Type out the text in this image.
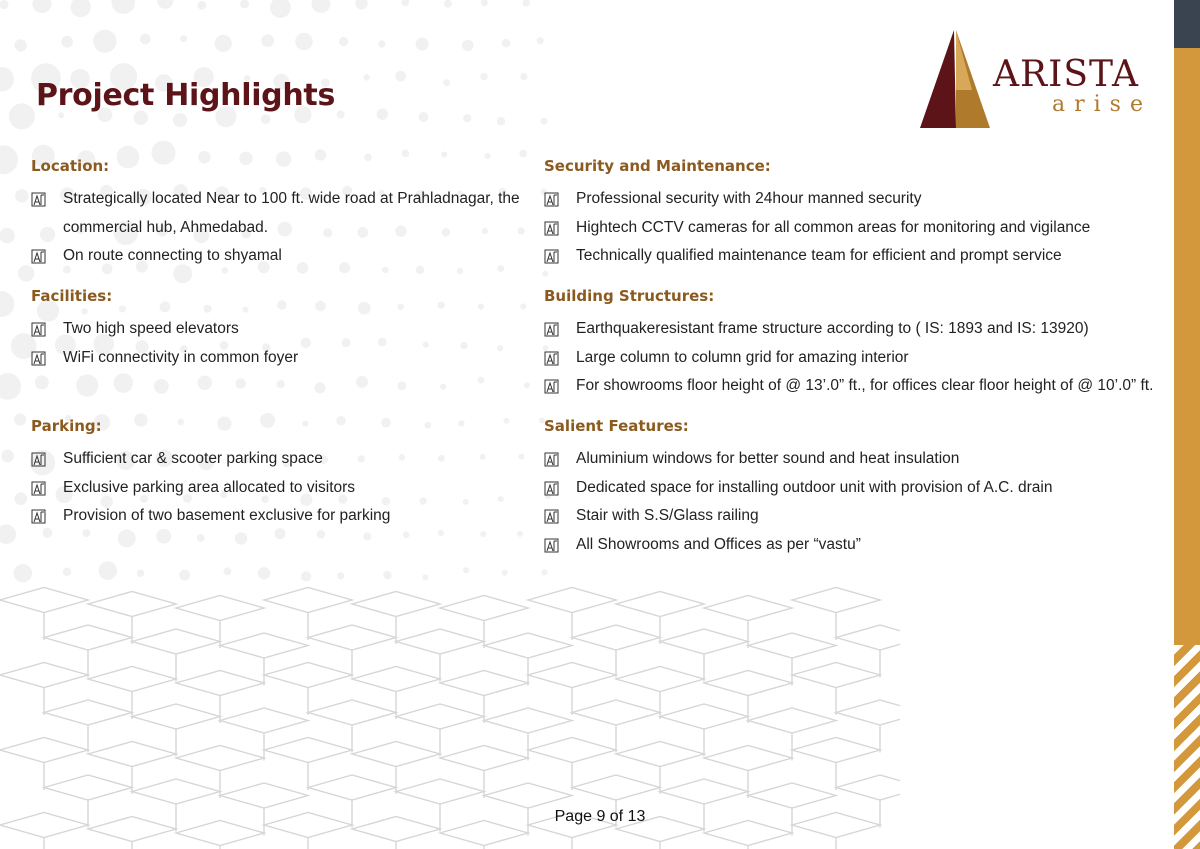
Project Highlights
ARISTA
arise
Location:
Strategically located Near to 100 ft. wide road at Prahladnagar, the commercial hub, Ahmedabad.
On route connecting to shyamal
Facilities:
Two high speed elevators
WiFi connectivity in common foyer
Parking:
Sufficient car & scooter parking space
Exclusive parking area allocated to visitors
Provision of two basement exclusive for parking
Security and Maintenance:
Professional security with 24hour manned security
Hightech CCTV cameras for all common areas for monitoring and vigilance
Technically qualified maintenance team for efficient and prompt service
Building Structures:
Earthquakeresistant frame structure according to ( IS: 1893 and IS: 13920)
Large column to column grid for amazing interior
For showrooms floor height of @ 13’.0” ft., for offices clear floor height of @ 10’.0” ft.
Salient Features:
Aluminium windows for better sound and heat insulation
Dedicated space for installing outdoor unit with provision of A.C. drain
Stair with S.S/Glass railing
All Showrooms and Offices as per “vastu”
Page 9 of 13
